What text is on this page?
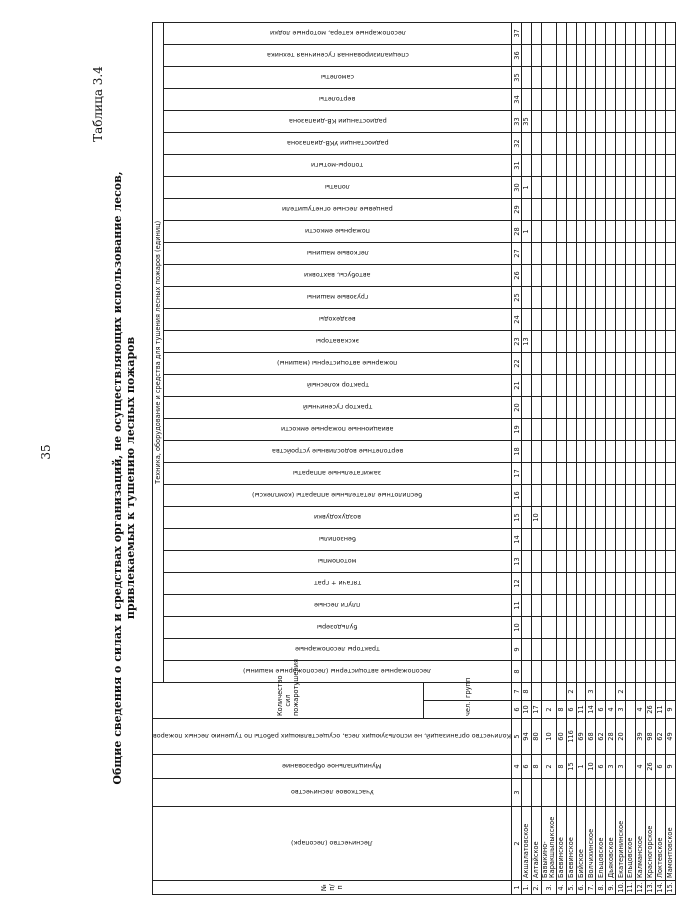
35
Таблица 3.4
Общие сведения о силах и средствах организаций, не осуществляющих использование лесов, привлекаемых к тушению лесных пожаров
№ п/п	Лесничество (лесопарк)	Участковое лесничество	Муниципальное образование	Количество организаций, не использующих леса, осуществляющих работы по тушению лесных пожаров	Количество сил пожаротушения		Техника, оборудование и средства для тушения лесных пожаров (единиц)																													

							лесопожарные автоцистерны (лесопожарные машины)	тракторы лесопожарные	бульдозеры	плуги лесные	тягачи + грат	мотопомпы	бензопилы	воздуходувки	беспилотные летательные аппараты (комплексы)	зажигательные аппараты	вертолетные водосливные устройства	авиационные пожарные емкости	трактор гусеничный	трактор колесный	пожарные автоцистерны (машины)	экскаваторы	вездеходы	грузовые машины	автобусы, вахтовки	легковые машины	пожарные емкости	ранцевые лесные огнетушители	лопаты	топоры-мотыги	радиостанции УКВ-диапазона	радиостанции КВ-диапазона	вертолеты	самолеты	специализированная гусеничная техника	лесопожарные катера, моторные лодки

					чел.	групп																														
1	2	3	4	5	6	7	8	9	10	11	12	13	14	15	16	17	18	19	20	21	22	23	24	25	26	27	28	29	30	31	32	33	34	35	36	37
1.	Акшалатовское		6	94	10	8																13					1		1			35				
2.	Алтайское		8	80	17									10																						
3.	Бавыкино-Каракшылыкское		2	10	2																															
4.	Баевинское		8	60	8																															
5.	Баевинское		15	116	6	2																														
6.	Бийское		1	69	11																															
7.	Волчихинское		10	68	14	3																														
8.	Ельцовское		6	62	6																															
9.	Дьяковское		3	28	4																															
10.	Екатерининское		3	20	3	2																														
11.	Ельцовское																																			
12.	Калманское		4	39	4																															
13.	Красногорское		26	98	26																															
14.	Локтевское		6	62	11																															
15.	Мамонтовское		9	49	9																															
